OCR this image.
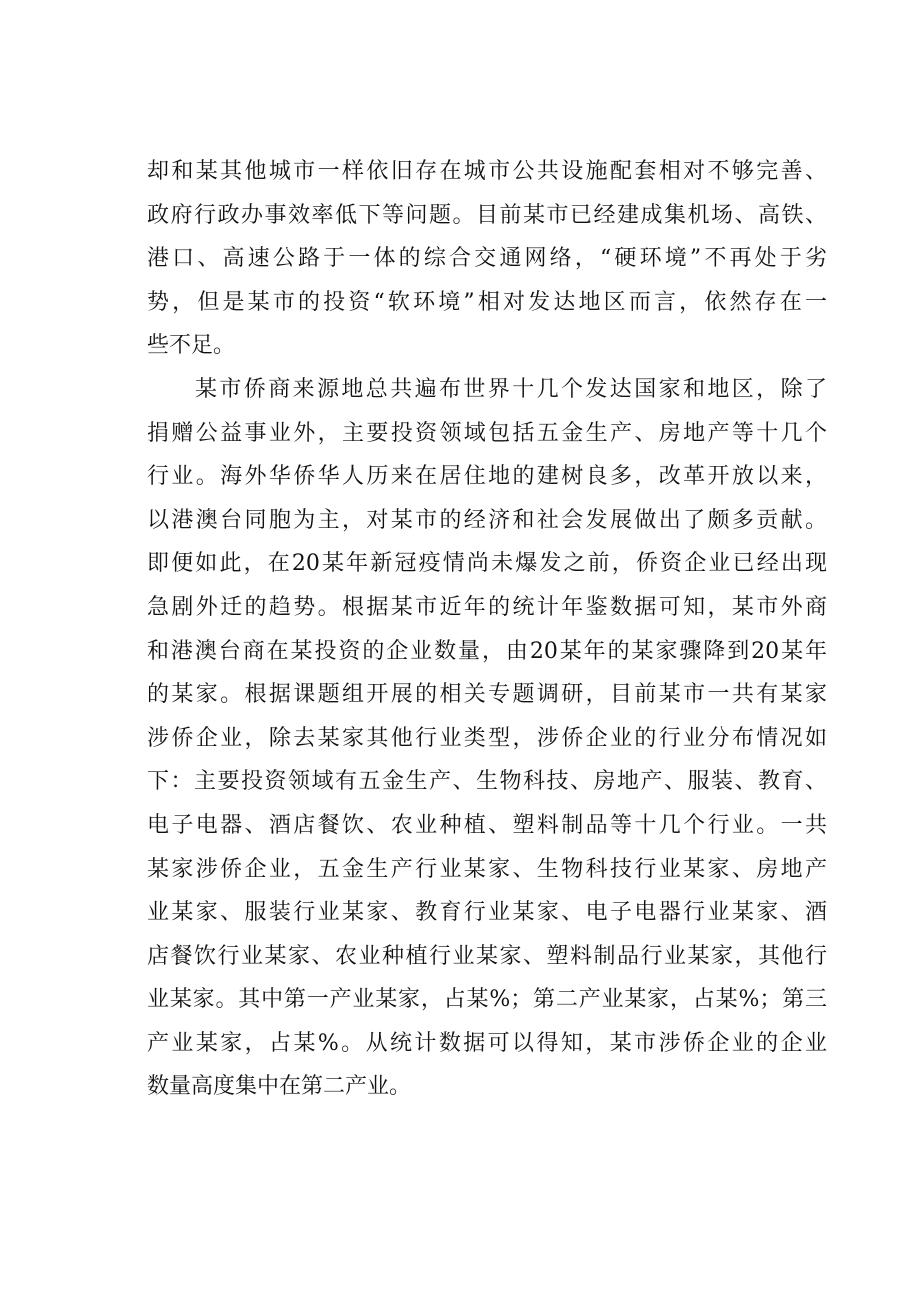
却和某其他城市一样依旧存在城市公共设施配套相对不够完善、
政府行政办事效率低下等问题。目前某市已经建成集机场、高铁、
港口、高速公路于一体的综合交通网络，“硬环境”不再处于劣
势，但是某市的投资“软环境”相对发达地区而言，依然存在一
些不足。
某市侨商来源地总共遍布世界十几个发达国家和地区，除了
捐赠公益事业外，主要投资领域包括五金生产、房地产等十几个
行业。海外华侨华人历来在居住地的建树良多，改革开放以来，
以港澳台同胞为主，对某市的经济和社会发展做出了颇多贡献。
即便如此，在20某年新冠疫情尚未爆发之前，侨资企业已经出现
急剧外迁的趋势。根据某市近年的统计年鉴数据可知，某市外商
和港澳台商在某投资的企业数量，由20某年的某家骤降到20某年
的某家。根据课题组开展的相关专题调研，目前某市一共有某家
涉侨企业，除去某家其他行业类型，涉侨企业的行业分布情况如
下：主要投资领域有五金生产、生物科技、房地产、服装、教育、
电子电器、酒店餐饮、农业种植、塑料制品等十几个行业。一共
某家涉侨企业，五金生产行业某家、生物科技行业某家、房地产
业某家、服装行业某家、教育行业某家、电子电器行业某家、酒
店餐饮行业某家、农业种植行业某家、塑料制品行业某家，其他行
业某家。其中第一产业某家，占某%；第二产业某家，占某%；第三
产业某家，占某%。从统计数据可以得知，某市涉侨企业的企业
数量高度集中在第二产业。
